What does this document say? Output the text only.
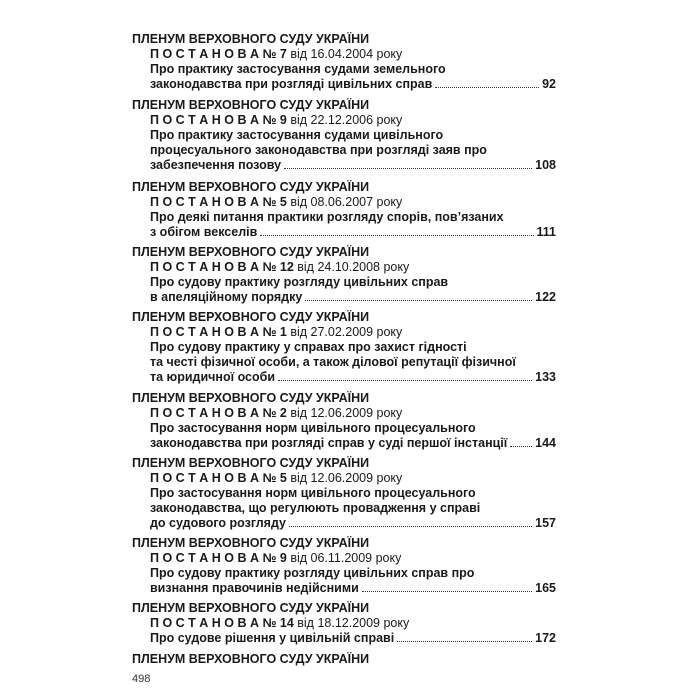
ПЛЕНУМ ВЕРХОВНОГО СУДУ УКРАЇНИ
П О С Т А Н О В А № 7 від 16.04.2004 року
Про практику застосування судами земельного
законодавства при розгляді цивільних справ	92
ПЛЕНУМ ВЕРХОВНОГО СУДУ УКРАЇНИ
П О С Т А Н О В А № 9 від 22.12.2006 року
Про практику застосування судами цивільного
процесуального законодавства при розгляді заяв про
забезпечення позову	108
ПЛЕНУМ ВЕРХОВНОГО СУДУ УКРАЇНИ
П О С Т А Н О В А № 5 від 08.06.2007 року
Про деякі питання практики розгляду спорів, пов’язаних
з обігом векселів	111
ПЛЕНУМ ВЕРХОВНОГО СУДУ УКРАЇНИ
П О С Т А Н О В А № 12 від 24.10.2008 року
Про судову практику розгляду цивільних справ
в апеляційному порядку	122
ПЛЕНУМ ВЕРХОВНОГО СУДУ УКРАЇНИ
П О С Т А Н О В А № 1 від 27.02.2009 року
Про судову практику у справах про захист гідності
та честі фізичної особи, а також ділової репутації фізичної
та юридичної особи	133
ПЛЕНУМ ВЕРХОВНОГО СУДУ УКРАЇНИ
П О С Т А Н О В А № 2 від 12.06.2009 року
Про застосування норм цивільного процесуального
законодавства при розгляді справ у суді першої інстанції 144
ПЛЕНУМ ВЕРХОВНОГО СУДУ УКРАЇНИ
П О С Т А Н О В А № 5 від 12.06.2009 року
Про застосування норм цивільного процесуального
законодавства, що регулюють провадження у справі
до судового розгляду	157
ПЛЕНУМ ВЕРХОВНОГО СУДУ УКРАЇНИ
П О С Т А Н О В А № 9 від 06.11.2009 року
Про судову практику розгляду цивільних справ про
визнання правочинів недійсними	165
ПЛЕНУМ ВЕРХОВНОГО СУДУ УКРАЇНИ
П О С Т А Н О В А № 14 від 18.12.2009 року
Про судове рішення у цивільній справі	172
ПЛЕНУМ ВЕРХОВНОГО СУДУ УКРАЇНИ
498
